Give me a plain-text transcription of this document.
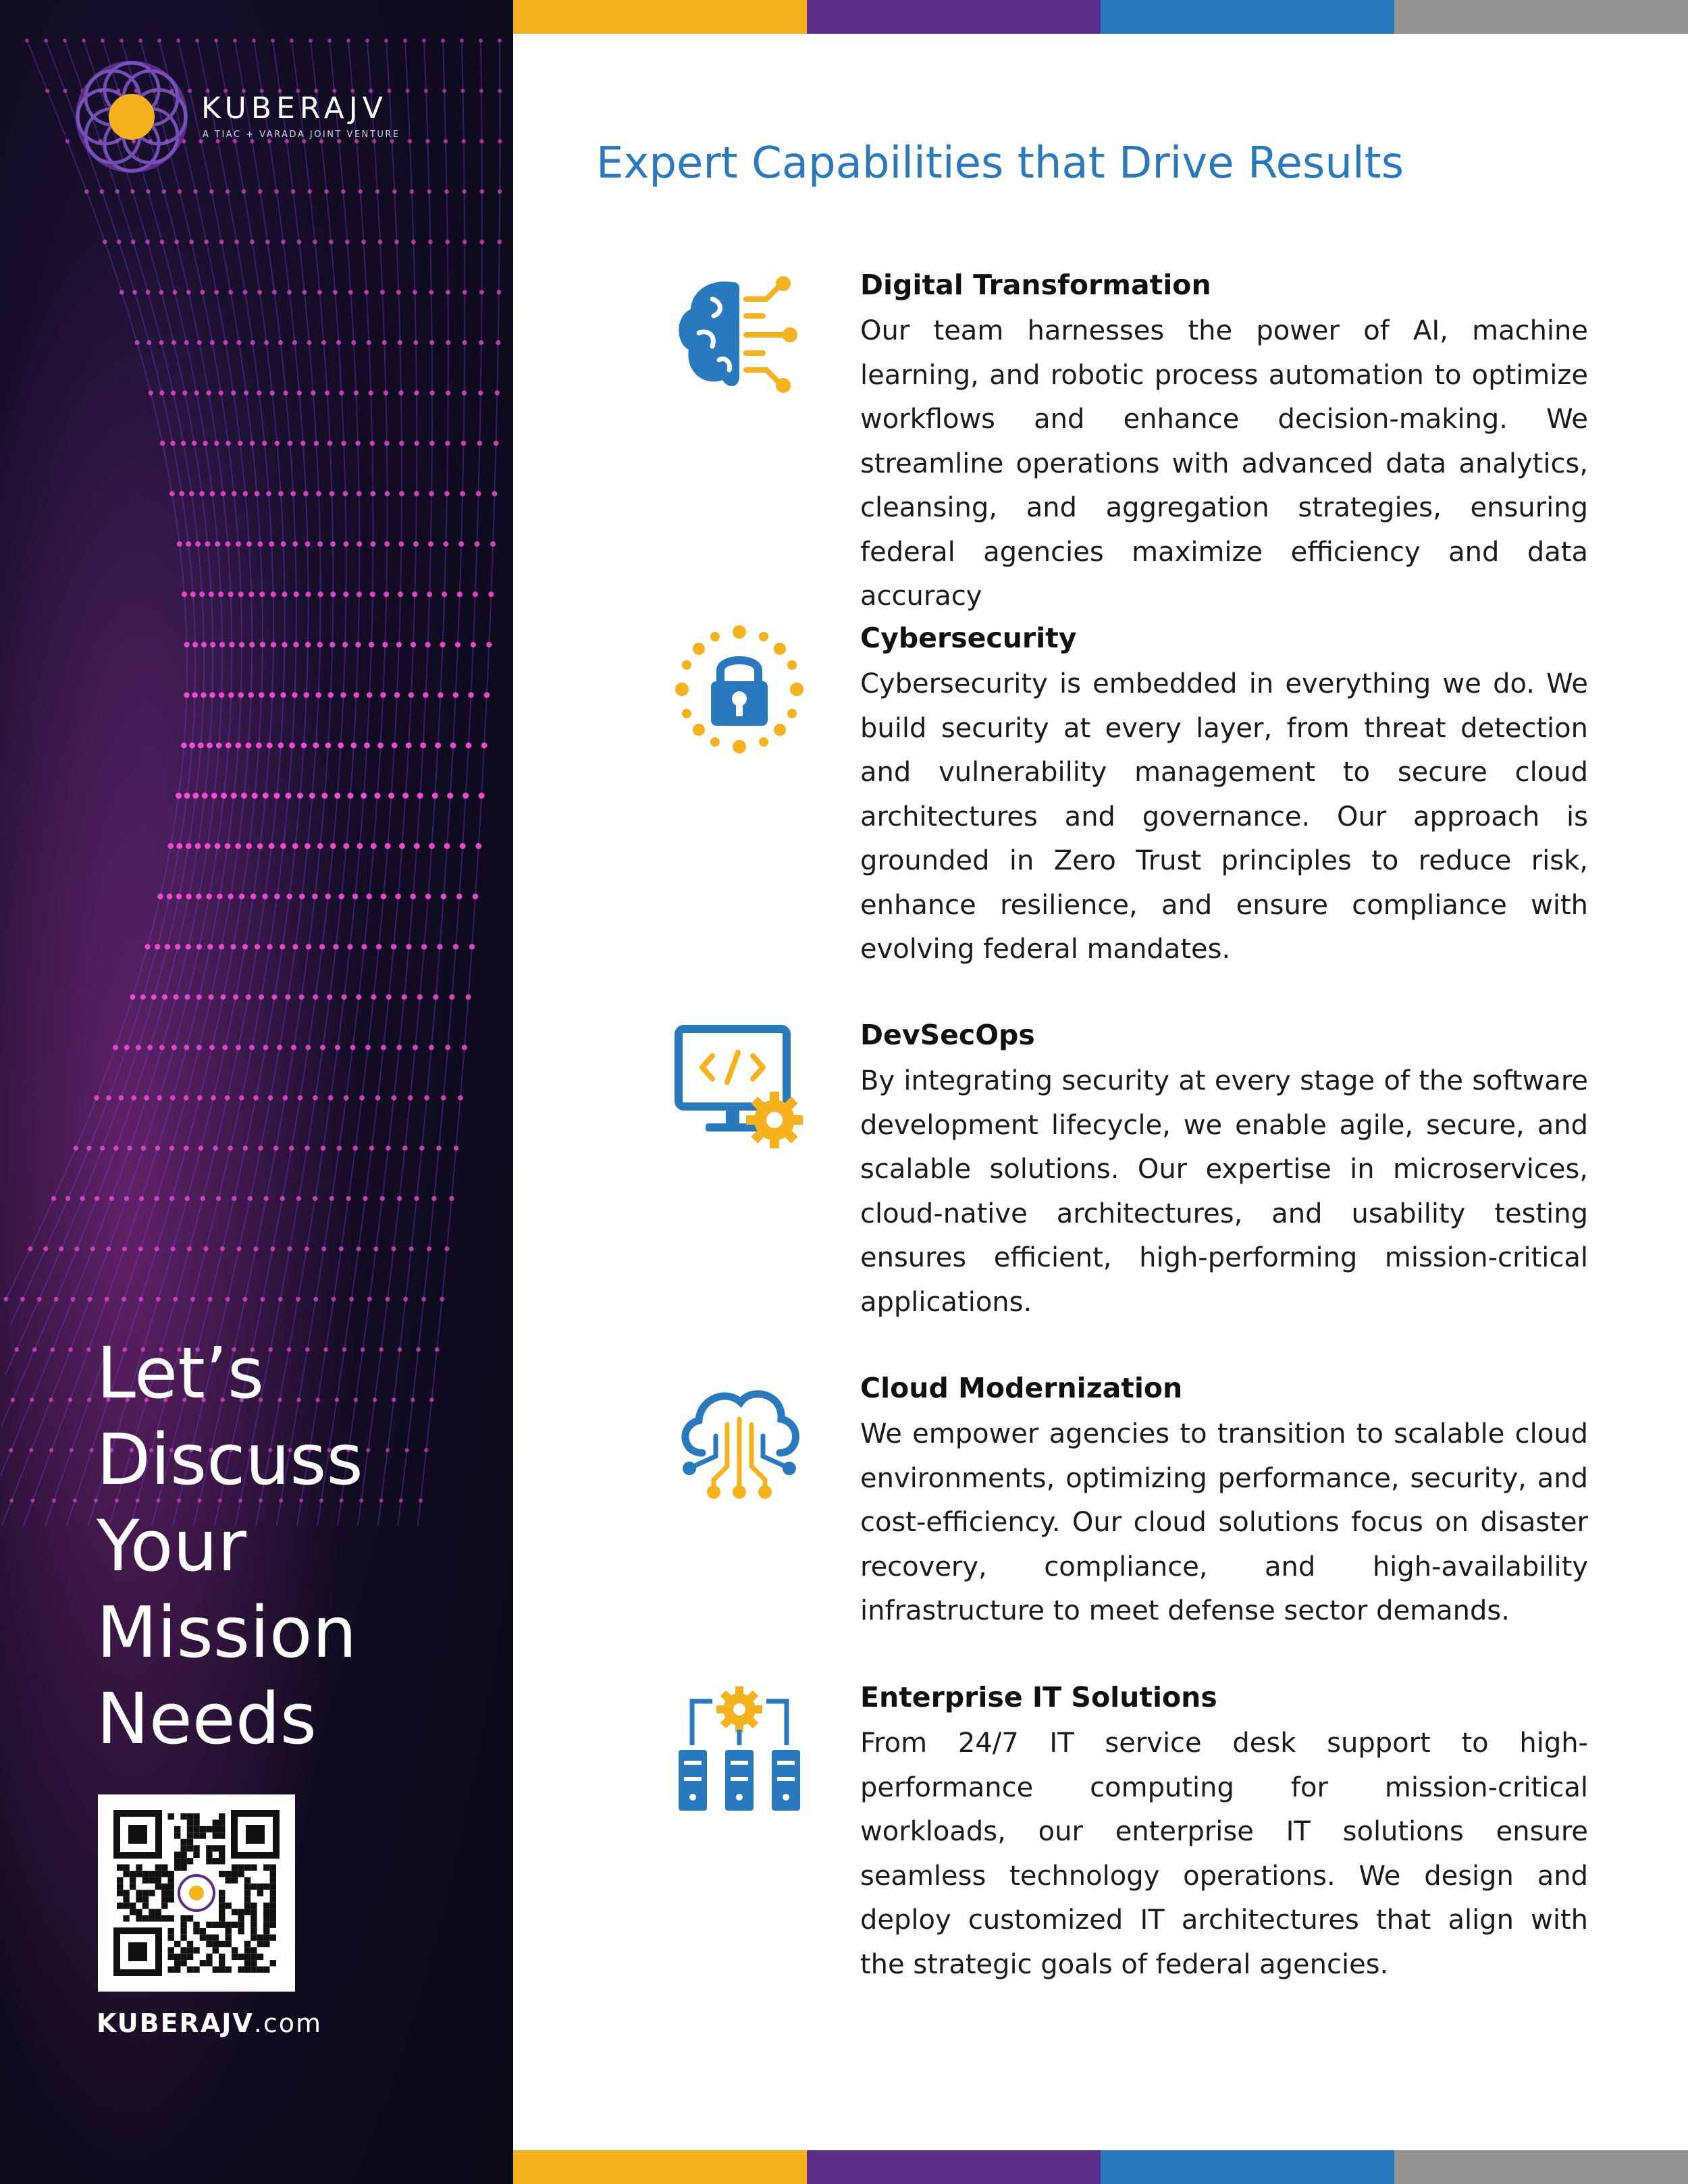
KUBERAJV
A TIAC + VARADA JOINT VENTURE
Let’s
Discuss
Your
Mission
Needs
KUBERAJV.com
Expert Capabilities that Drive Results
Digital Transformation

Our team harnesses the power of AI, machine learning, and robotic process automation to optimize workflows and enhance decision-making. We streamline operations with advanced data analytics, cleansing, and aggregation strategies, ensuring federal agencies maximize efficiency and data accuracy

Cybersecurity

Cybersecurity is embedded in everything we do. We build security at every layer, from threat detection and vulnerability management to secure cloud architectures and governance. Our approach is grounded in Zero Trust principles to reduce risk, enhance resilience, and ensure compliance with evolving federal mandates.

DevSecOps

By integrating security at every stage of the software development lifecycle, we enable agile, secure, and scalable solutions. Our expertise in microservices, cloud-native architectures, and usability testing ensures efficient, high-performing mission-critical applications.

Cloud Modernization

We empower agencies to transition to scalable cloud environments, optimizing performance, security, and cost-efficiency. Our cloud solutions focus on disaster recovery, compliance, and high-availability infrastructure to meet defense sector demands.

Enterprise IT Solutions

From 24/7 IT service desk support to high-performance computing for mission-critical workloads, our enterprise IT solutions ensure seamless technology operations. We design and deploy customized IT architectures that align with the strategic goals of federal agencies.
